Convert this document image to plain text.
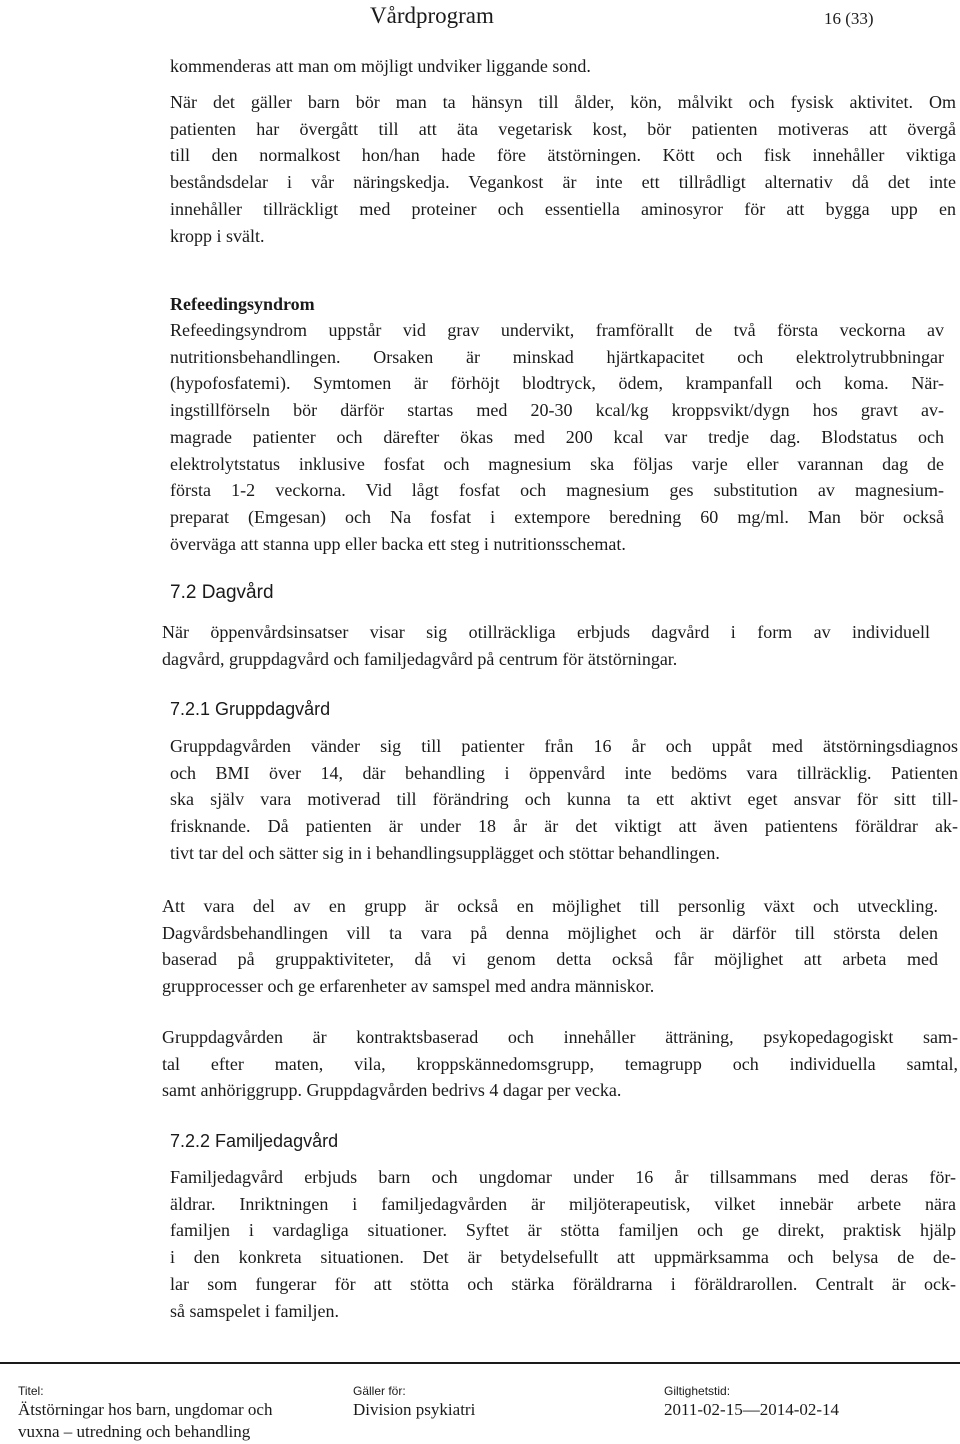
Vårdprogram	16 (33)
kommenderas att man om möjligt undviker liggande sond.
När det gäller barn bör man ta hänsyn till ålder, kön, målvikt och fysisk aktivitet. Om
patienten har övergått till att äta vegetarisk kost, bör patienten motiveras att övergå
till den normalkost hon/han hade före ätstörningen. Kött och fisk innehåller viktiga
beståndsdelar i vår näringskedja. Vegankost är inte ett tillrådligt alternativ då det inte
innehåller tillräckligt med proteiner och essentiella aminosyror för att bygga upp en
kropp i svält.
Refeedingsyndrom
Refeedingsyndrom uppstår vid grav undervikt, framförallt de två första veckorna av
nutritionsbehandlingen. Orsaken är minskad hjärtkapacitet och elektrolytrubbningar
(hypofosfatemi). Symtomen är förhöjt blodtryck, ödem, krampanfall och koma. När-
ingstillförseln bör därför startas med 20-30 kcal/kg kroppsvikt/dygn hos gravt av-
magrade patienter och därefter ökas med 200 kcal var tredje dag. Blodstatus och
elektrolytstatus inklusive fosfat och magnesium ska följas varje eller varannan dag de
första 1-2 veckorna. Vid lågt fosfat och magnesium ges substitution av magnesium-
preparat (Emgesan) och Na fosfat i extempore beredning 60 mg/ml. Man bör också
överväga att stanna upp eller backa ett steg i nutritionsschemat.
7.2 Dagvård
När öppenvårdsinsatser visar sig otillräckliga erbjuds dagvård i form av individuell
dagvård, gruppdagvård och familjedagvård på centrum för ätstörningar.
7.2.1 Gruppdagvård
Gruppdagvården vänder sig till patienter från 16 år och uppåt med ätstörningsdiagnos
och BMI över 14, där behandling i öppenvård inte bedöms vara tillräcklig. Patienten
ska själv vara motiverad till förändring och kunna ta ett aktivt eget ansvar för sitt till-
frisknande. Då patienten är under 18 år är det viktigt att även patientens föräldrar ak-
tivt tar del och sätter sig in i behandlingsupplägget och stöttar behandlingen.
Att vara del av en grupp är också en möjlighet till personlig växt och utveckling.
Dagvårdsbehandlingen vill ta vara på denna möjlighet och är därför till största delen
baserad på gruppaktiviteter, då vi genom detta också får möjlighet att arbeta med
grupprocesser och ge erfarenheter av samspel med andra människor.
Gruppdagvården är kontraktsbaserad och innehåller ätträning, psykopedagogiskt sam-
tal efter maten, vila, kroppskännedomsgrupp, temagrupp och individuella samtal,
samt anhöriggrupp. Gruppdagvården bedrivs 4 dagar per vecka.
7.2.2 Familjedagvård
Familjedagvård erbjuds barn och ungdomar under 16 år tillsammans med deras för-
äldrar. Inriktningen i familjedagvården är miljöterapeutisk, vilket innebär arbete nära
familjen i vardagliga situationer. Syftet är stötta familjen och ge direkt, praktisk hjälp
i den konkreta situationen. Det är betydelsefullt att uppmärksamma och belysa de de-
lar som fungerar för att stötta och stärka föräldrarna i föräldrarollen. Centralt är ock-
så samspelet i familjen.
Titel:
Ätstörningar hos barn, ungdomar och
vuxna – utredning och behandling
Gäller för:
Division psykiatri
Giltighetstid:
2011-02-15—2014-02-14
